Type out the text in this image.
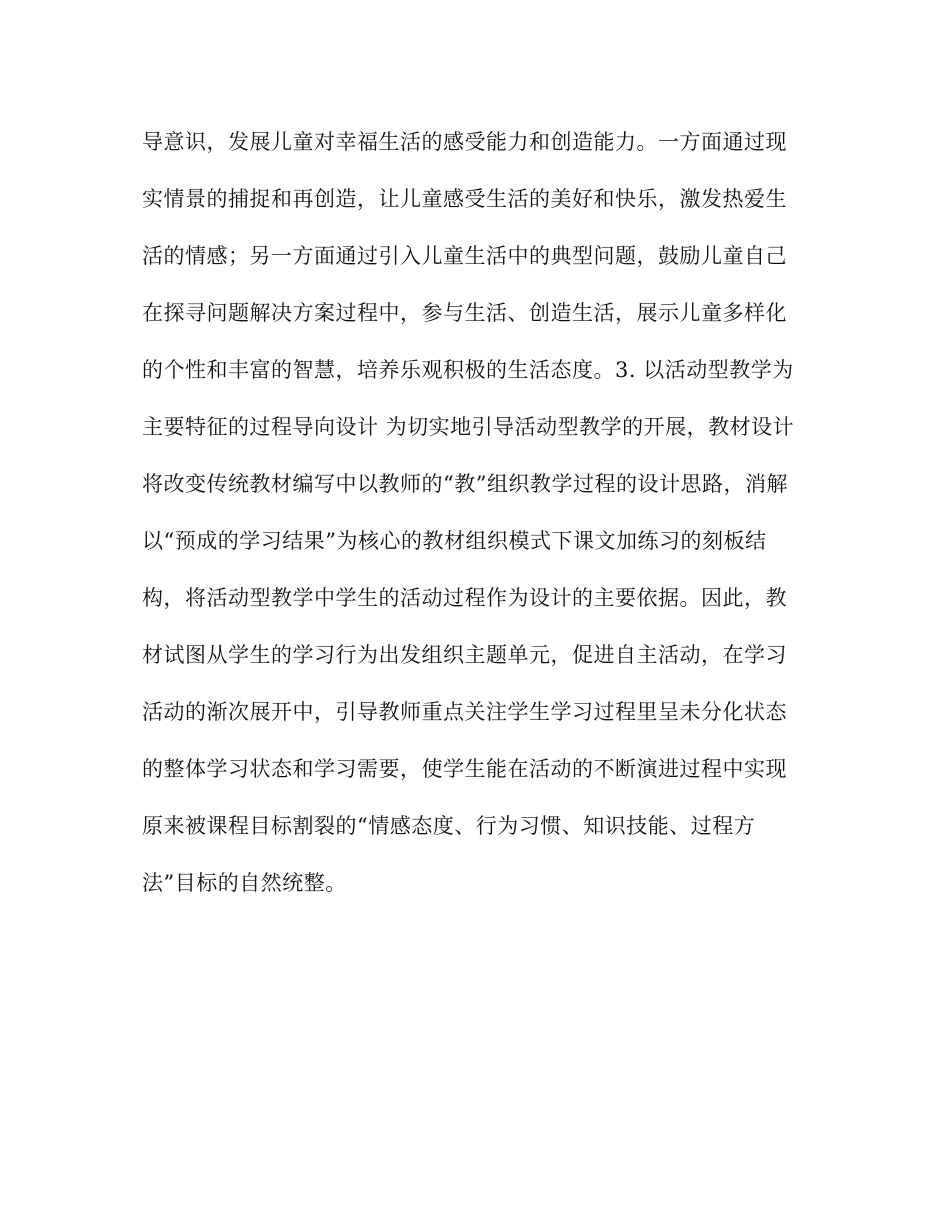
导意识，发展儿童对幸福生活的感受能力和创造能力。一方面通过现
实情景的捕捉和再创造，让儿童感受生活的美好和快乐，激发热爱生
活的情感；另一方面通过引入儿童生活中的典型问题，鼓励儿童自己
在探寻问题解决方案过程中，参与生活、创造生活，展示儿童多样化
的个性和丰富的智慧，培养乐观积极的生活态度。3. 以活动型教学为
主要特征的过程导向设计 为切实地引导活动型教学的开展，教材设计
将改变传统教材编写中以教师的“教”组织教学过程的设计思路，消解
以“预成的学习结果”为核心的教材组织模式下课文加练习的刻板结
构，将活动型教学中学生的活动过程作为设计的主要依据。因此，教
材试图从学生的学习行为出发组织主题单元，促进自主活动，在学习
活动的渐次展开中，引导教师重点关注学生学习过程里呈未分化状态
的整体学习状态和学习需要，使学生能在活动的不断演进过程中实现
原来被课程目标割裂的“情感态度、行为习惯、知识技能、过程方
法”目标的自然统整。
